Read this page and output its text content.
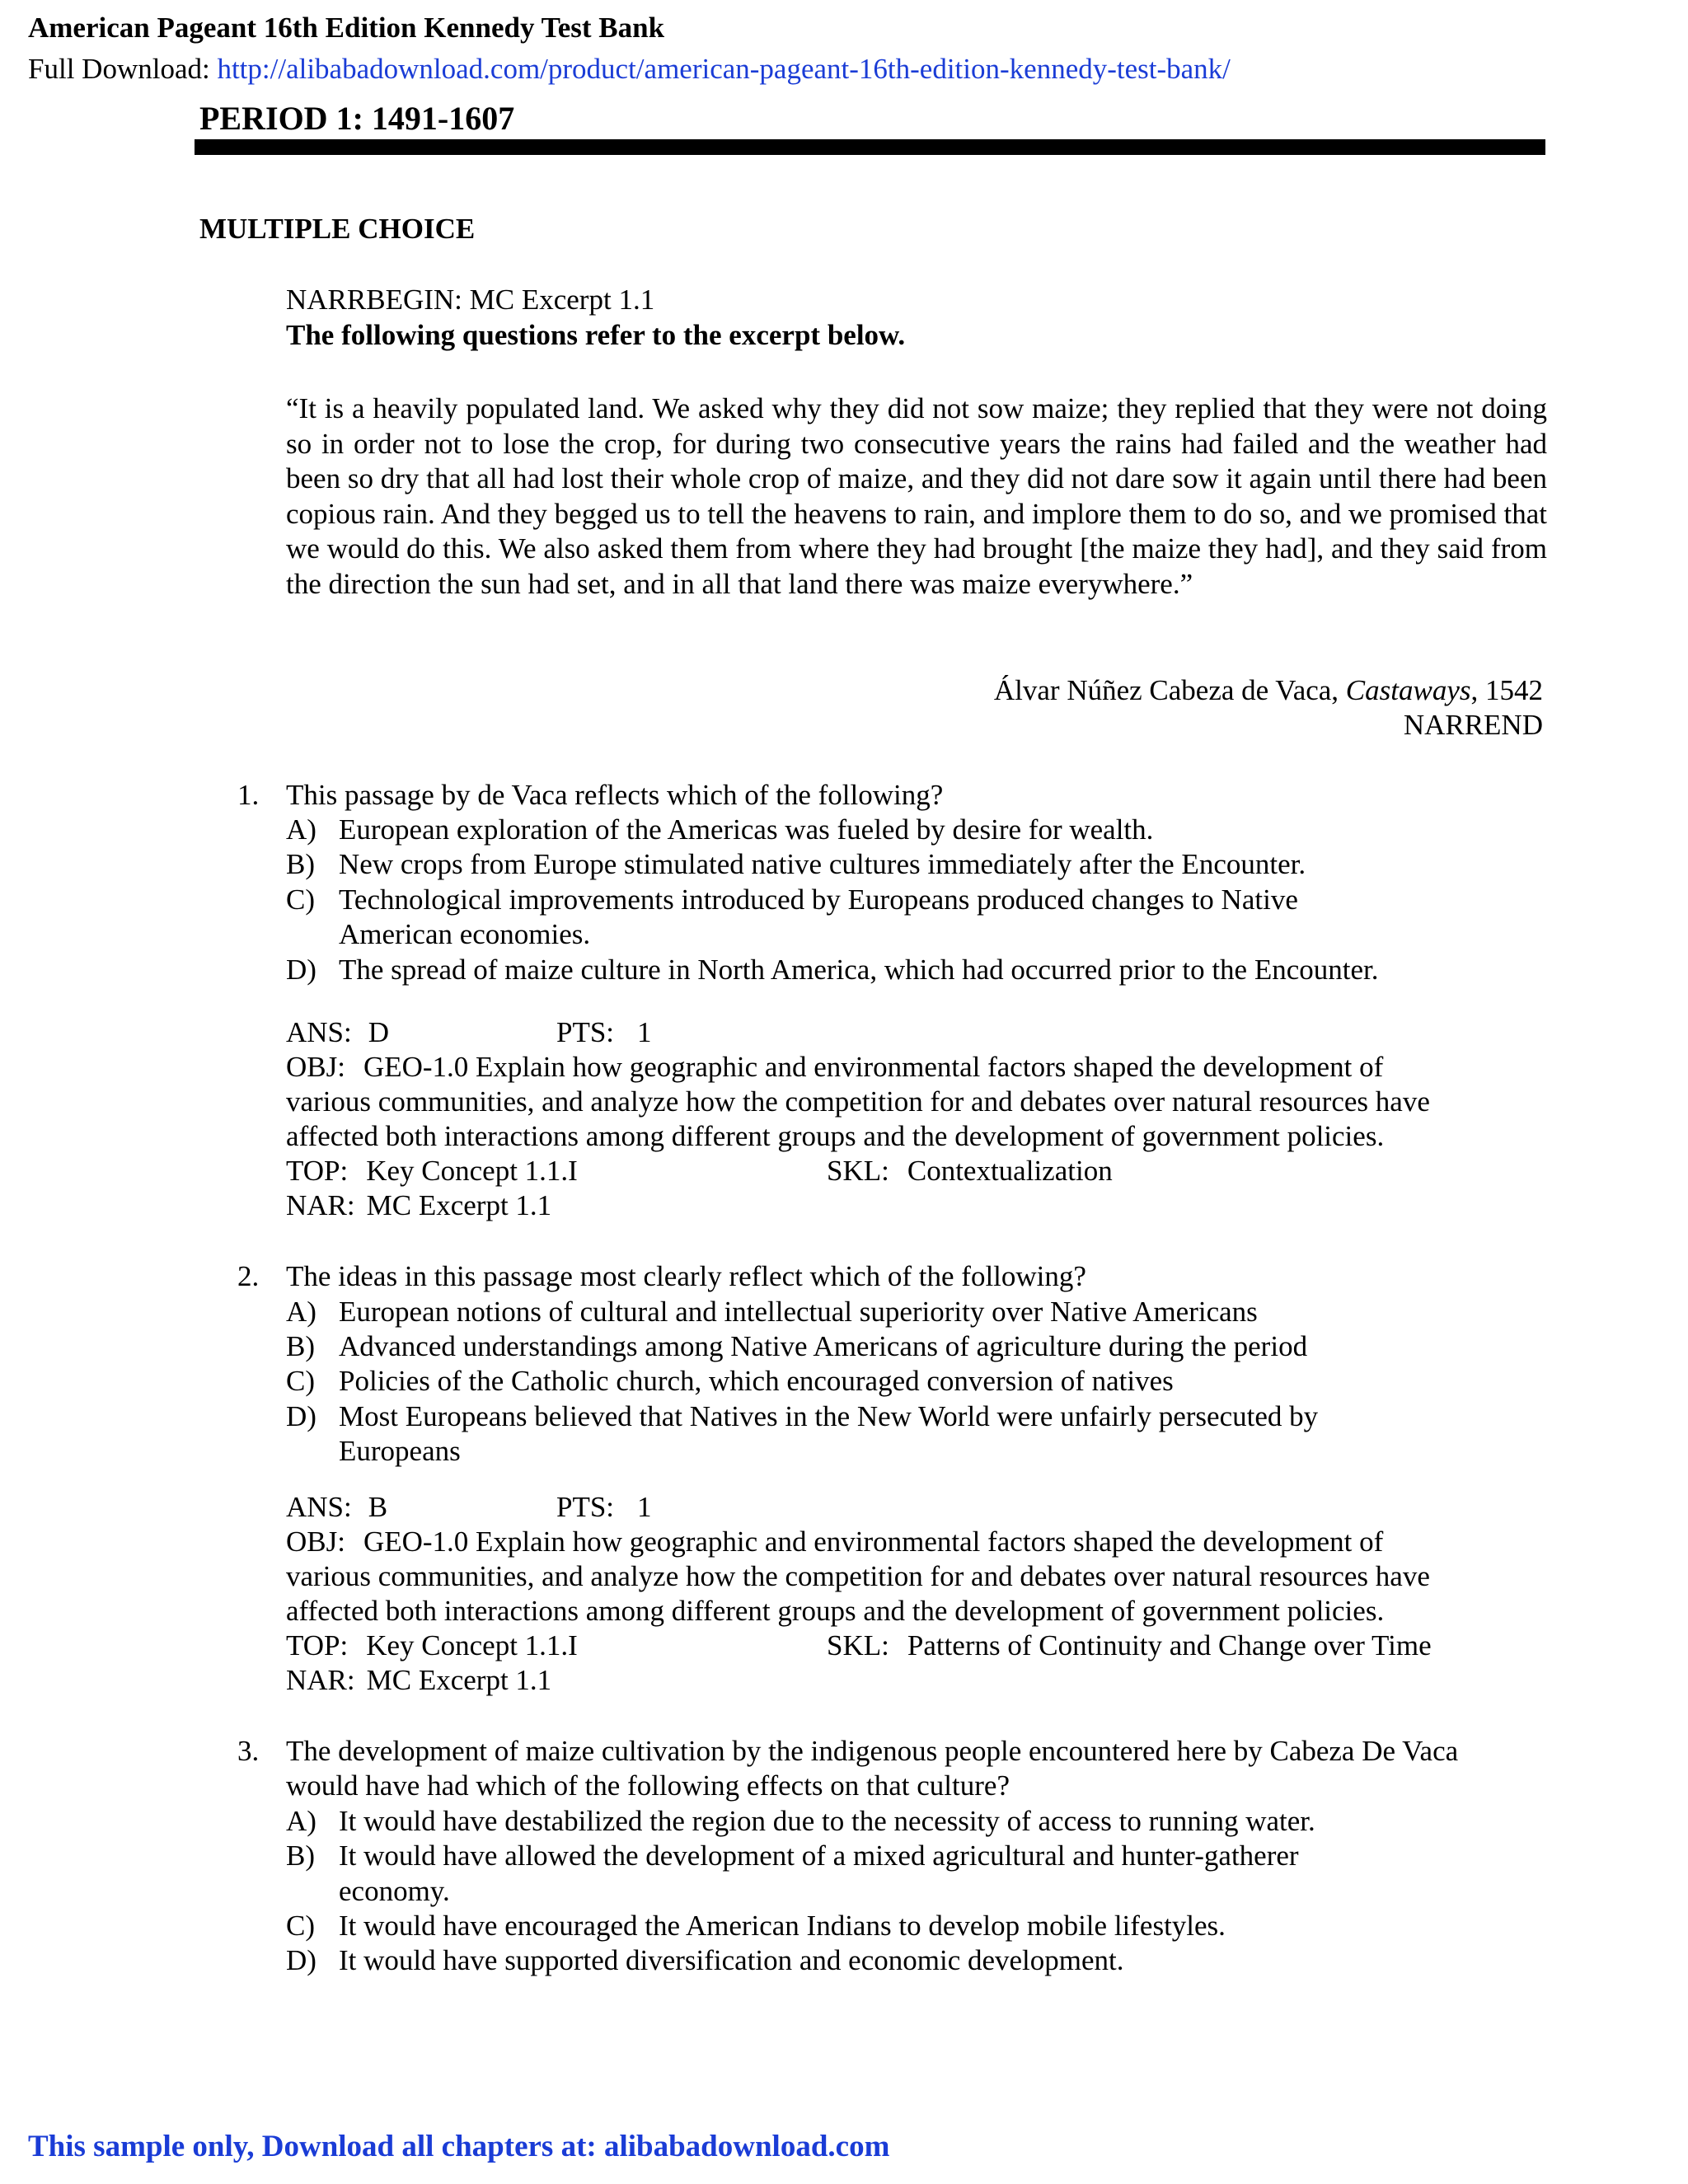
American Pageant 16th Edition Kennedy Test Bank
Full Download: http://alibabadownload.com/product/american-pageant-16th-edition-kennedy-test-bank/
PERIOD 1: 1491-1607
MULTIPLE CHOICE
NARRBEGIN: MC Excerpt 1.1
The following questions refer to the excerpt below.
“It is a heavily populated land. We asked why they did not sow maize; they replied that they were not doing so in order not to lose the crop, for during two consecutive years the rains had failed and the weather had been so dry that all had lost their whole crop of maize, and they did not dare sow it again until there had been copious rain. And they begged us to tell the heavens to rain, and implore them to do so, and we promised that we would do this. We also asked them from where they had brought [the maize they had], and they said from the direction the sun had set, and in all that land there was maize everywhere.”
Álvar Núñez Cabeza de Vaca, Castaways, 1542
NARREND
1. This passage by de Vaca reflects which of the following?
A) European exploration of the Americas was fueled by desire for wealth.
B) New crops from Europe stimulated native cultures immediately after the Encounter.
C) Technological improvements introduced by Europeans produced changes to Native
American economies.
D) The spread of maize culture in North America, which had occurred prior to the Encounter.
ANS: D	PTS: 1
OBJ: GEO-1.0 Explain how geographic and environmental factors shaped the development of
various communities, and analyze how the competition for and debates over natural resources have
affected both interactions among different groups and the development of government policies.
TOP: Key Concept 1.1.I	SKL: Contextualization
NAR: MC Excerpt 1.1
2. The ideas in this passage most clearly reflect which of the following?
A) European notions of cultural and intellectual superiority over Native Americans
B) Advanced understandings among Native Americans of agriculture during the period
C) Policies of the Catholic church, which encouraged conversion of natives
D) Most Europeans believed that Natives in the New World were unfairly persecuted by
Europeans
ANS: B	PTS: 1
OBJ: GEO-1.0 Explain how geographic and environmental factors shaped the development of
various communities, and analyze how the competition for and debates over natural resources have
affected both interactions among different groups and the development of government policies.
TOP: Key Concept 1.1.I	SKL: Patterns of Continuity and Change over Time
NAR: MC Excerpt 1.1
3. The development of maize cultivation by the indigenous people encountered here by Cabeza De Vaca
would have had which of the following effects on that culture?
A) It would have destabilized the region due to the necessity of access to running water.
B) It would have allowed the development of a mixed agricultural and hunter-gatherer
economy.
C) It would have encouraged the American Indians to develop mobile lifestyles.
D) It would have supported diversification and economic development.
This sample only, Download all chapters at: alibabadownload.com
